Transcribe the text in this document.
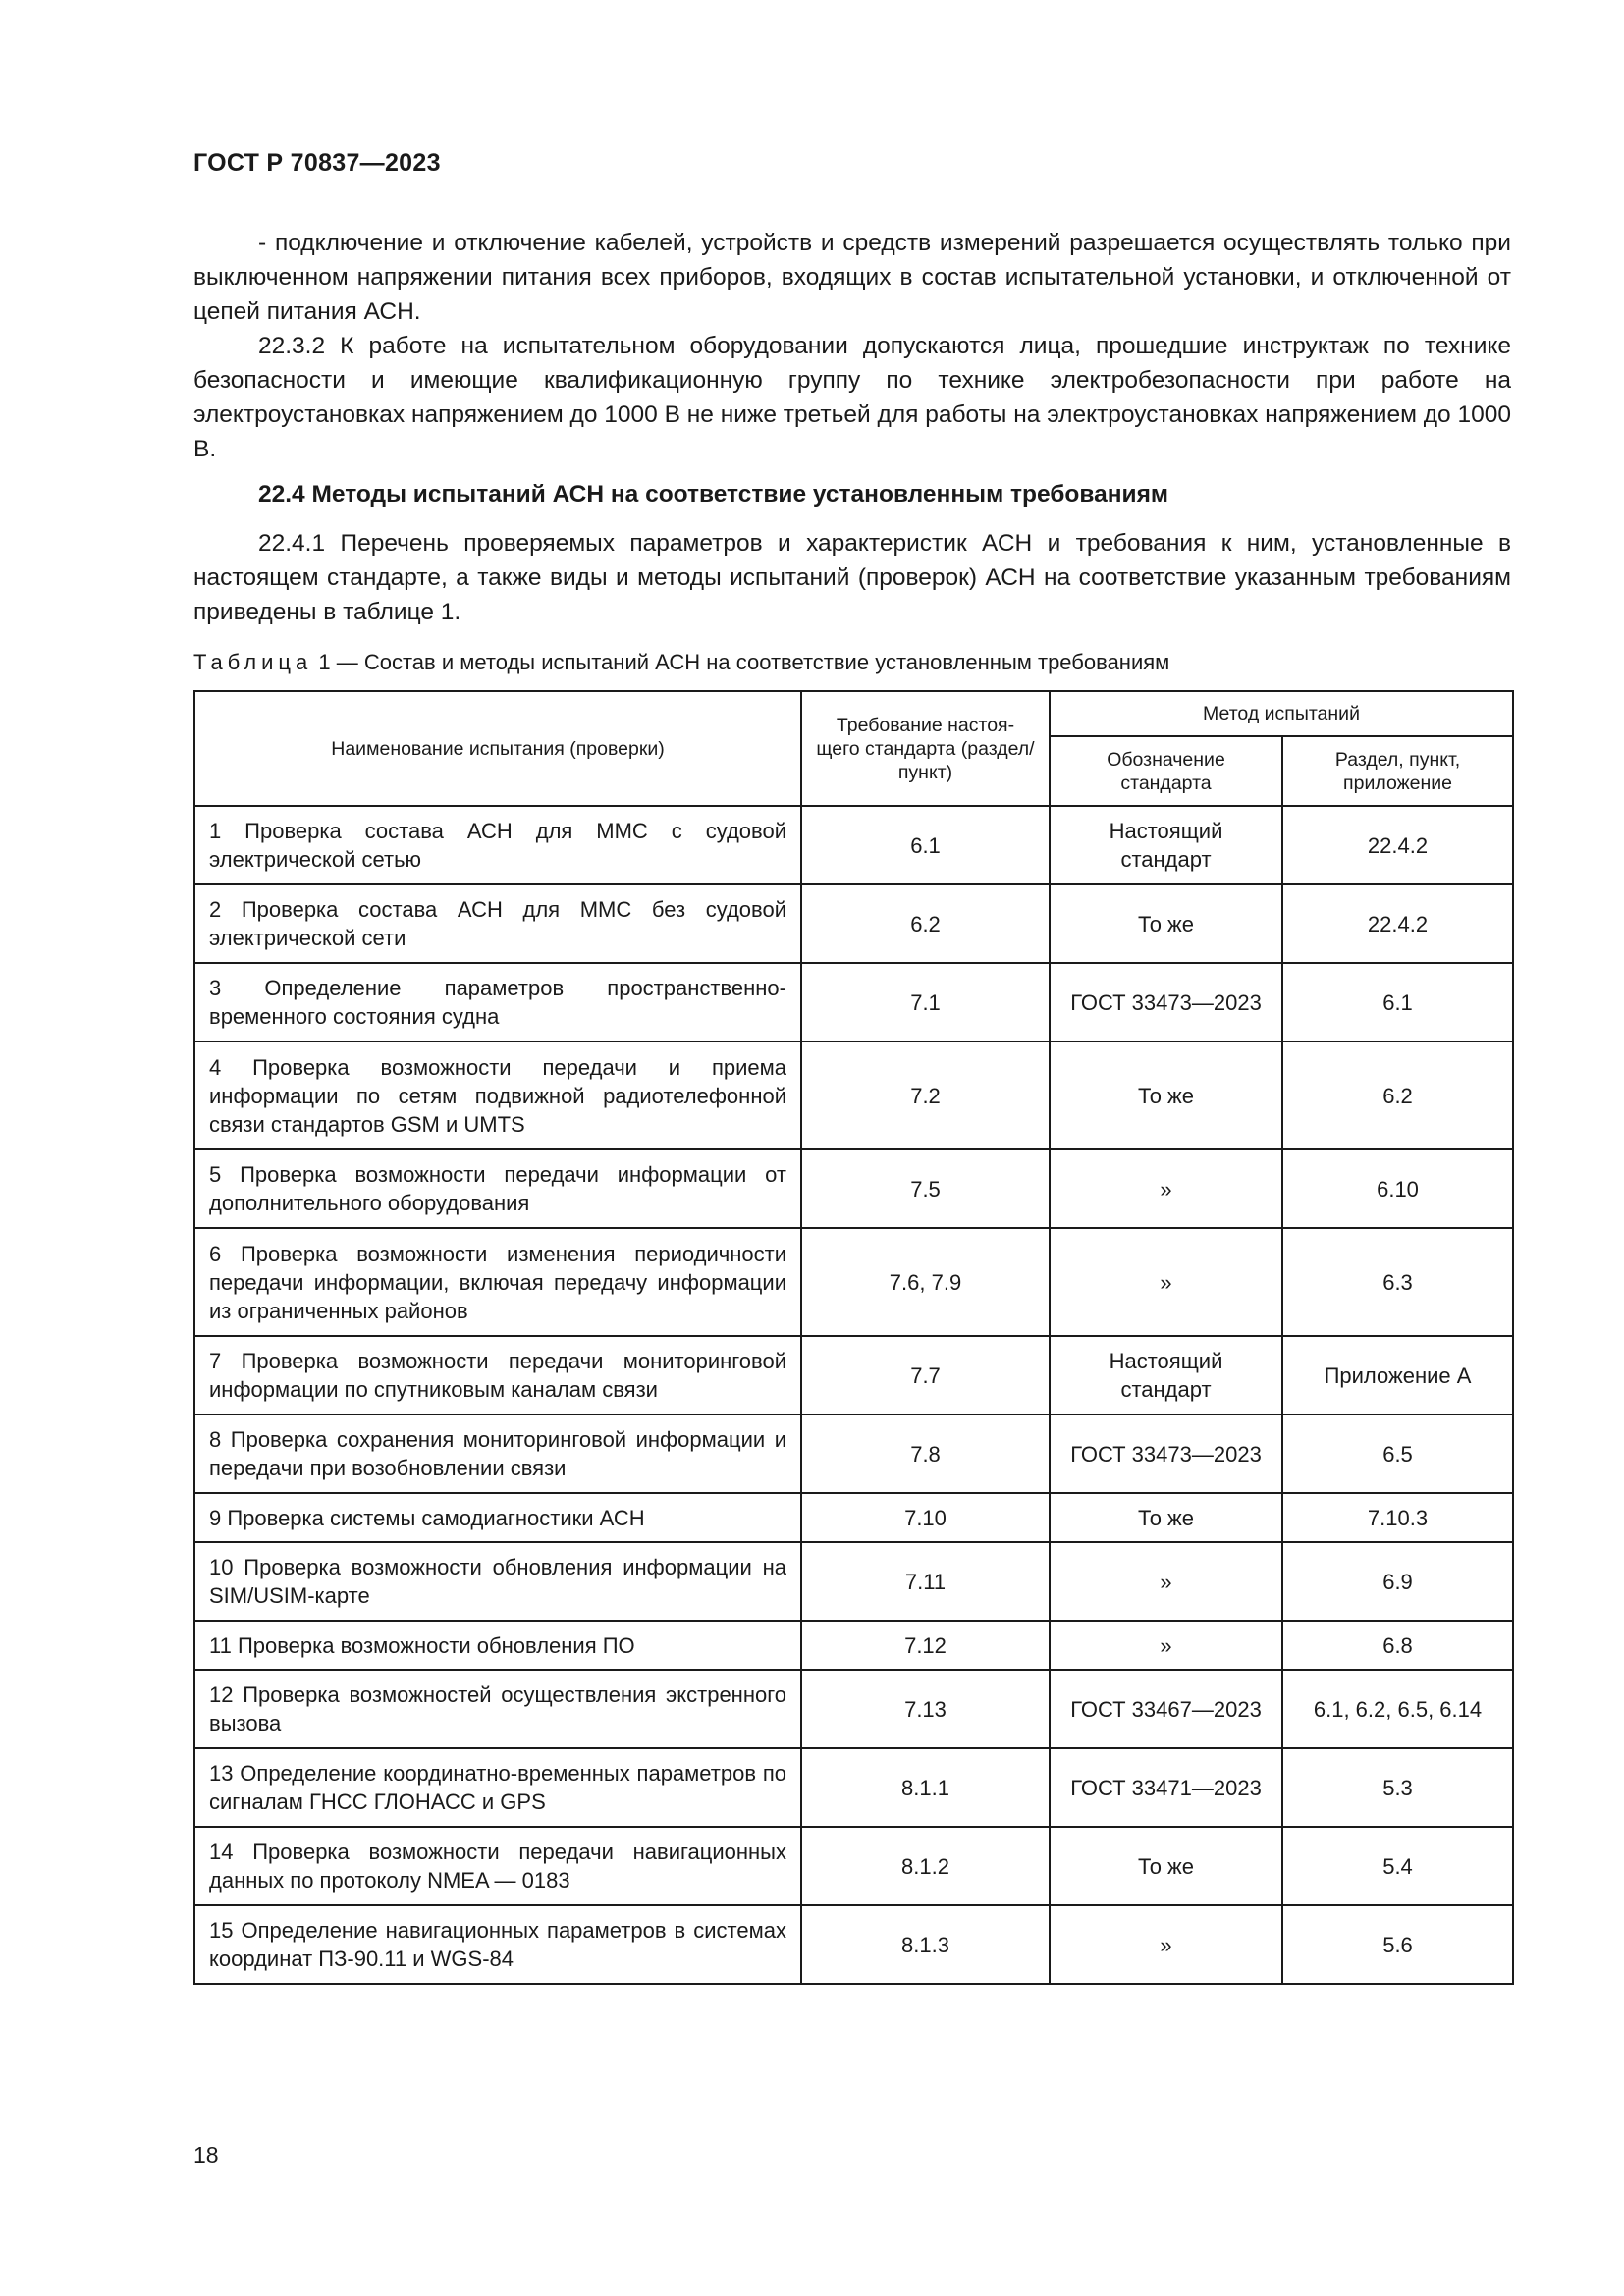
ГОСТ Р 70837—2023

- подключение и отключение кабелей, устройств и средств измерений разрешается осуществлять только при выключенном напряжении питания всех приборов, входящих в состав испытательной установки, и отключенной от цепей питания АСН.

22.3.2 К работе на испытательном оборудовании допускаются лица, прошедшие инструктаж по технике безопасности и имеющие квалификационную группу по технике электробезопасности при работе на электроустановках напряжением до 1000 В не ниже третьей для работы на электроустановках напряжением до 1000 В.

22.4 Методы испытаний АСН на соответствие установленным требованиям

22.4.1 Перечень проверяемых параметров и характеристик АСН и требования к ним, установленные в настоящем стандарте, а также виды и методы испытаний (проверок) АСН на соответствие указанным требованиям приведены в таблице 1.

Таблица 1 — Состав и методы испытаний АСН на соответствие установленным требованиям
Наименование испытания (проверки)	Требование настоя-щего стандарта (раздел/пункт)	Метод испытаний	
		Обозначение стандарта	Раздел, пункт, приложение
1 Проверка состава АСН для ММС с судовой электрической сетью	6.1	Настоящий стандарт	22.4.2
2 Проверка состава АСН для ММС без судовой электрической сети	6.2	То же	22.4.2
3 Определение параметров пространственно-временного состояния судна	7.1	ГОСТ 33473—2023	6.1
4 Проверка возможности передачи и приема информации по сетям подвижной радиотелефонной связи стандартов GSM и UMTS	7.2	То же	6.2
5 Проверка возможности передачи информации от дополнительного оборудования	7.5	»	6.10
6 Проверка возможности изменения периодичности передачи информации, включая передачу информации из ограниченных районов	7.6, 7.9	»	6.3
7 Проверка возможности передачи мониторинговой информации по спутниковым каналам связи	7.7	Настоящий стандарт	Приложение А
8 Проверка сохранения мониторинговой информации и передачи при возобновлении связи	7.8	ГОСТ 33473—2023	6.5
9 Проверка системы самодиагностики АСН	7.10	То же	7.10.3
10 Проверка возможности обновления информации на SIM/USIM-карте	7.11	»	6.9
11 Проверка возможности обновления ПО	7.12	»	6.8
12 Проверка возможностей осуществления экстренного вызова	7.13	ГОСТ 33467—2023	6.1, 6.2, 6.5, 6.14
13 Определение координатно-временных параметров по сигналам ГНСС ГЛОНАСС и GPS	8.1.1	ГОСТ 33471—2023	5.3
14 Проверка возможности передачи навигационных данных по протоколу NMEA — 0183	8.1.2	То же	5.4
15 Определение навигационных параметров в системах координат ПЗ-90.11 и WGS-84	8.1.3	»	5.6
18
